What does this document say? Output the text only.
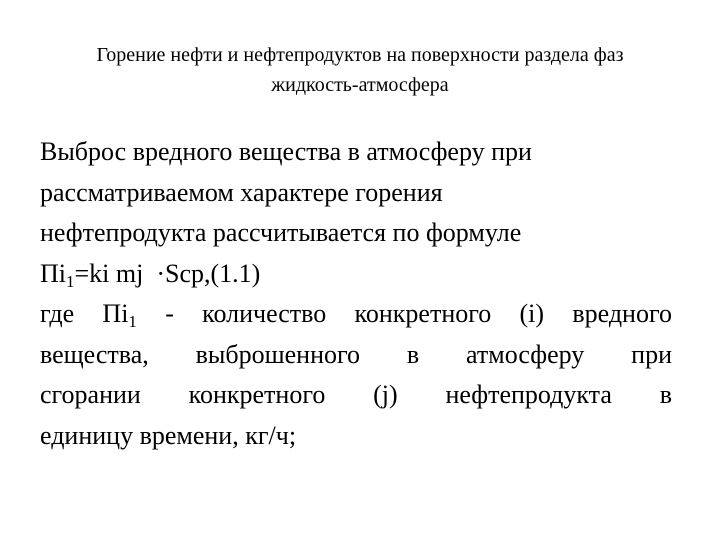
Горение нефти и нефтепродуктов на поверхности раздела фаз
жидкость-атмосфера

Выброс вредного вещества в атмосферу при
рассматриваемом характере горения
нефтепродукта рассчитывается по формуле
$Пi_1=ki$ mj  ·Scp,(1.1)

где $Пi_1$ - количество конкретного (i) вредного
вещества, выброшенного в атмосферу при
сгорании конкретного (j) нефтепродукта в
единицу времени, кг/ч;
